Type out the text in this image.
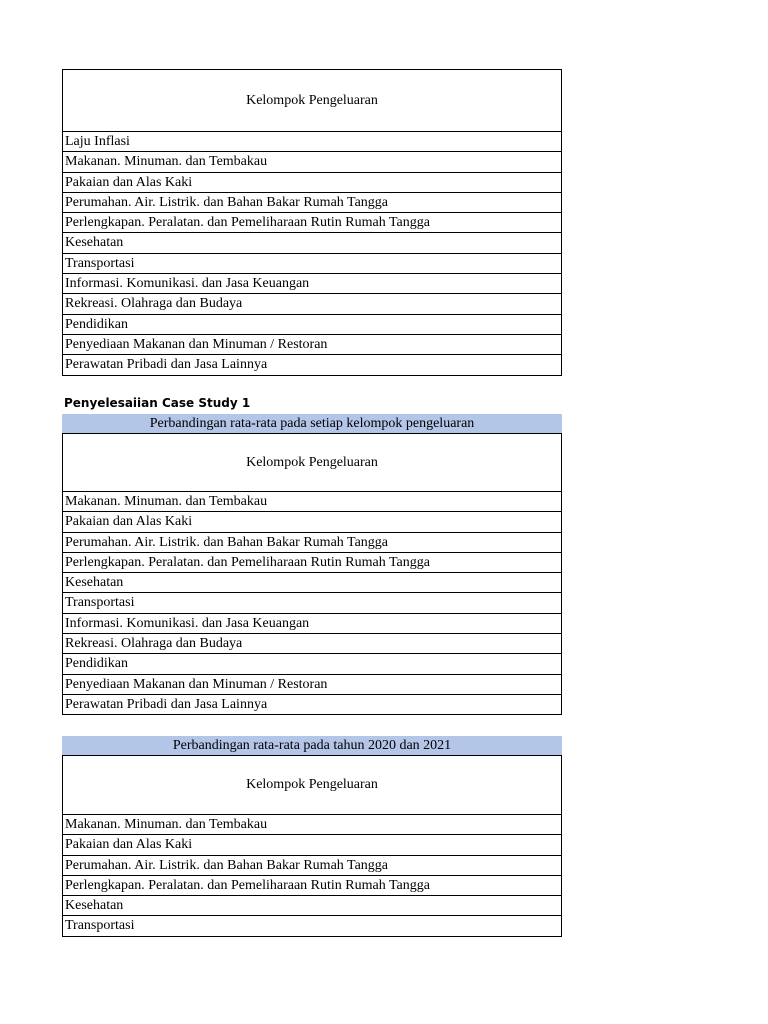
Kelompok Pengeluaran
Laju Inflasi
Makanan. Minuman. dan Tembakau
Pakaian dan Alas Kaki
Perumahan. Air. Listrik. dan Bahan Bakar Rumah Tangga
Perlengkapan. Peralatan. dan Pemeliharaan Rutin Rumah Tangga
Kesehatan
Transportasi
Informasi. Komunikasi. dan Jasa Keuangan
Rekreasi. Olahraga dan Budaya
Pendidikan
Penyediaan Makanan dan Minuman / Restoran
Perawatan Pribadi dan Jasa Lainnya
Penyelesaiian Case Study 1
Perbandingan rata-rata pada setiap kelompok pengeluaran
Kelompok Pengeluaran
Makanan. Minuman. dan Tembakau
Pakaian dan Alas Kaki
Perumahan. Air. Listrik. dan Bahan Bakar Rumah Tangga
Perlengkapan. Peralatan. dan Pemeliharaan Rutin Rumah Tangga
Kesehatan
Transportasi
Informasi. Komunikasi. dan Jasa Keuangan
Rekreasi. Olahraga dan Budaya
Pendidikan
Penyediaan Makanan dan Minuman / Restoran
Perawatan Pribadi dan Jasa Lainnya
Perbandingan rata-rata pada tahun 2020 dan 2021
Kelompok Pengeluaran
Makanan. Minuman. dan Tembakau
Pakaian dan Alas Kaki
Perumahan. Air. Listrik. dan Bahan Bakar Rumah Tangga
Perlengkapan. Peralatan. dan Pemeliharaan Rutin Rumah Tangga
Kesehatan
Transportasi
